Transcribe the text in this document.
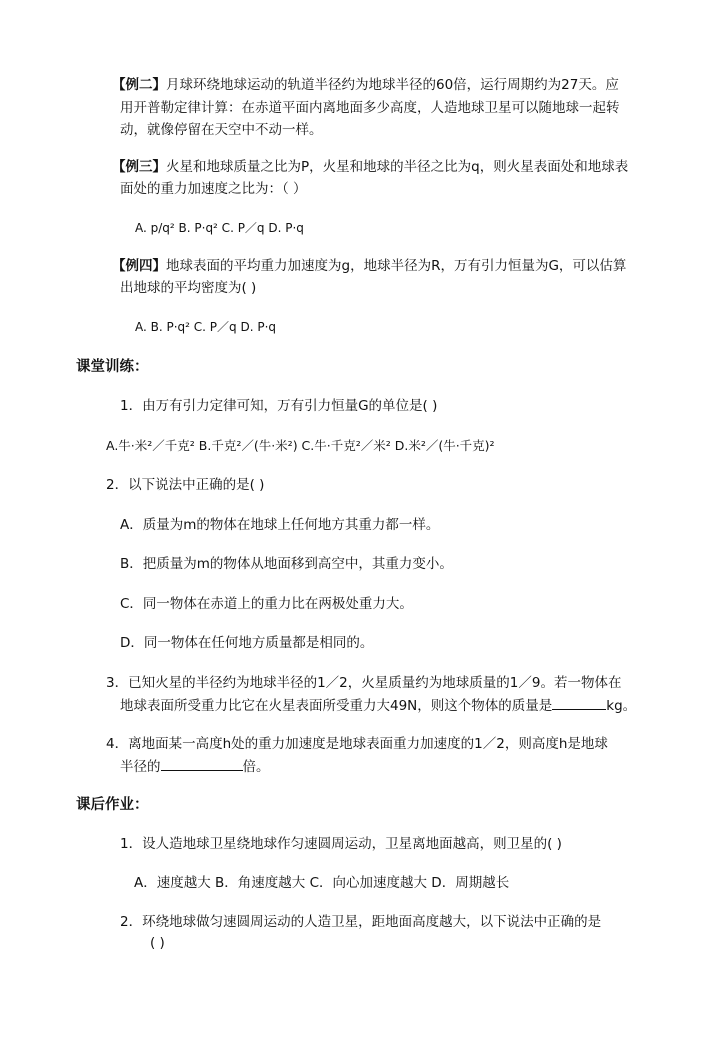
【例二】月球环绕地球运动的轨道半径约为地球半径的60倍，运行周期约为27天。应
用开普勒定律计算：在赤道平面内离地面多少高度，人造地球卫星可以随地球一起转
动，就像停留在天空中不动一样。
【例三】火星和地球质量之比为P，火星和地球的半径之比为q，则火星表面处和地球表
面处的重力加速度之比为：（ ）
A. p/q² B. P·q² C. P／q D. P·q
【例四】地球表面的平均重力加速度为g，地球半径为R，万有引力恒量为G，可以估算
出地球的平均密度为( )
A. B. P·q² C. P／q D. P·q
课堂训练：
1．由万有引力定律可知，万有引力恒量G的单位是( )
A.牛·米²／千克² B.千克²／(牛·米²) C.牛·千克²／米² D.米²／(牛·千克)²
2．以下说法中正确的是( )
A．质量为m的物体在地球上任何地方其重力都一样。
B．把质量为m的物体从地面移到高空中，其重力变小。
C．同一物体在赤道上的重力比在两极处重力大。
D．同一物体在任何地方质量都是相同的。
3．已知火星的半径约为地球半径的1／2，火星质量约为地球质量的1／9。若一物体在
地球表面所受重力比它在火星表面所受重力大49N，则这个物体的质量是	kg。
4．离地面某一高度h处的重力加速度是地球表面重力加速度的1／2，则高度h是地球
半径的	倍。
课后作业：
1．设人造地球卫星绕地球作匀速圆周运动，卫星离地面越高，则卫星的( )
A．速度越大 B．角速度越大 C．向心加速度越大 D．周期越长
2．环绕地球做匀速圆周运动的人造卫星，距地面高度越大，以下说法中正确的是
( )
